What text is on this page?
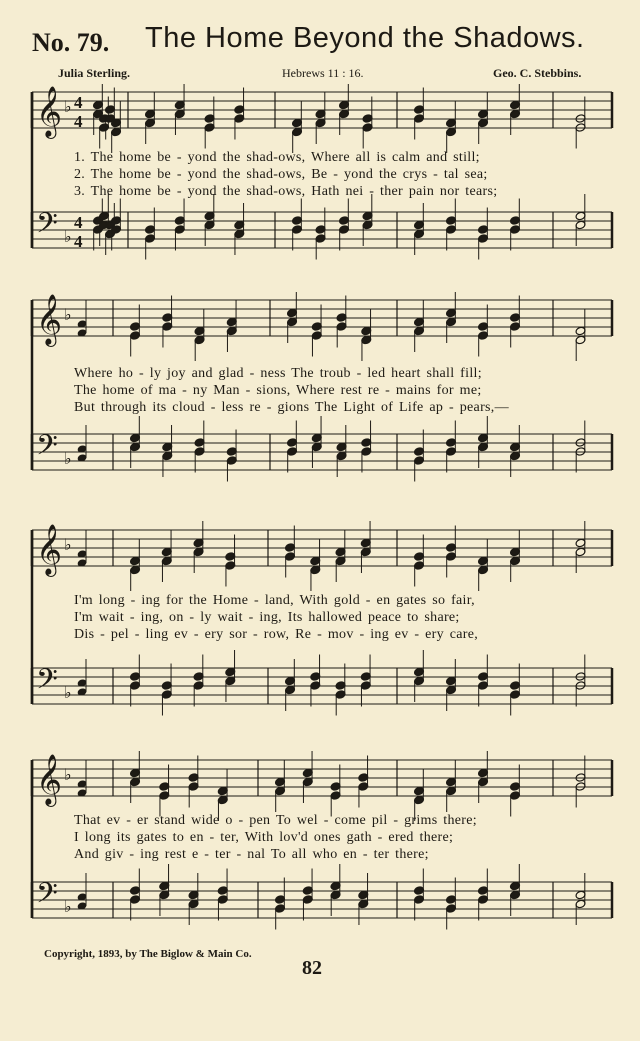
No. 79. The Home Beyond the Shadows.
Julia Sterling.	Hebrews 11 : 16.	Geo. C. Stebbins.
𝄞 ♭ 4
4
𝄢 ♭
4
4
1. The home be - yond the shad-ows, Where all is calm and still;
2. The home be - yond the shad-ows, Be - yond the crys - tal sea;
3. The home be - yond the shad-ows, Hath nei - ther pain nor tears;
𝄞 ♭
𝄢 ♭
Where ho - ly joy and glad - ness The troub - led heart shall fill;
The home of ma - ny Man - sions, Where rest re - mains for me;
But through its cloud - less re - gions The Light of Life ap - pears,—
𝄞 ♭
𝄢 ♭
I'm long - ing for the Home - land, With gold - en gates so fair,
I'm wait - ing, on - ly wait - ing, Its hallowed peace to share;
Dis - pel - ling ev - ery sor - row, Re - mov - ing ev - ery care,
𝄞 ♭
𝄢 ♭
That ev - er stand wide o - pen To wel - come pil - grims there;
I long its gates to en - ter, With lov'd ones gath - ered there;
And giv - ing rest e - ter - nal To all who en - ter there;
Copyright, 1893, by The Biglow & Main Co.
82
